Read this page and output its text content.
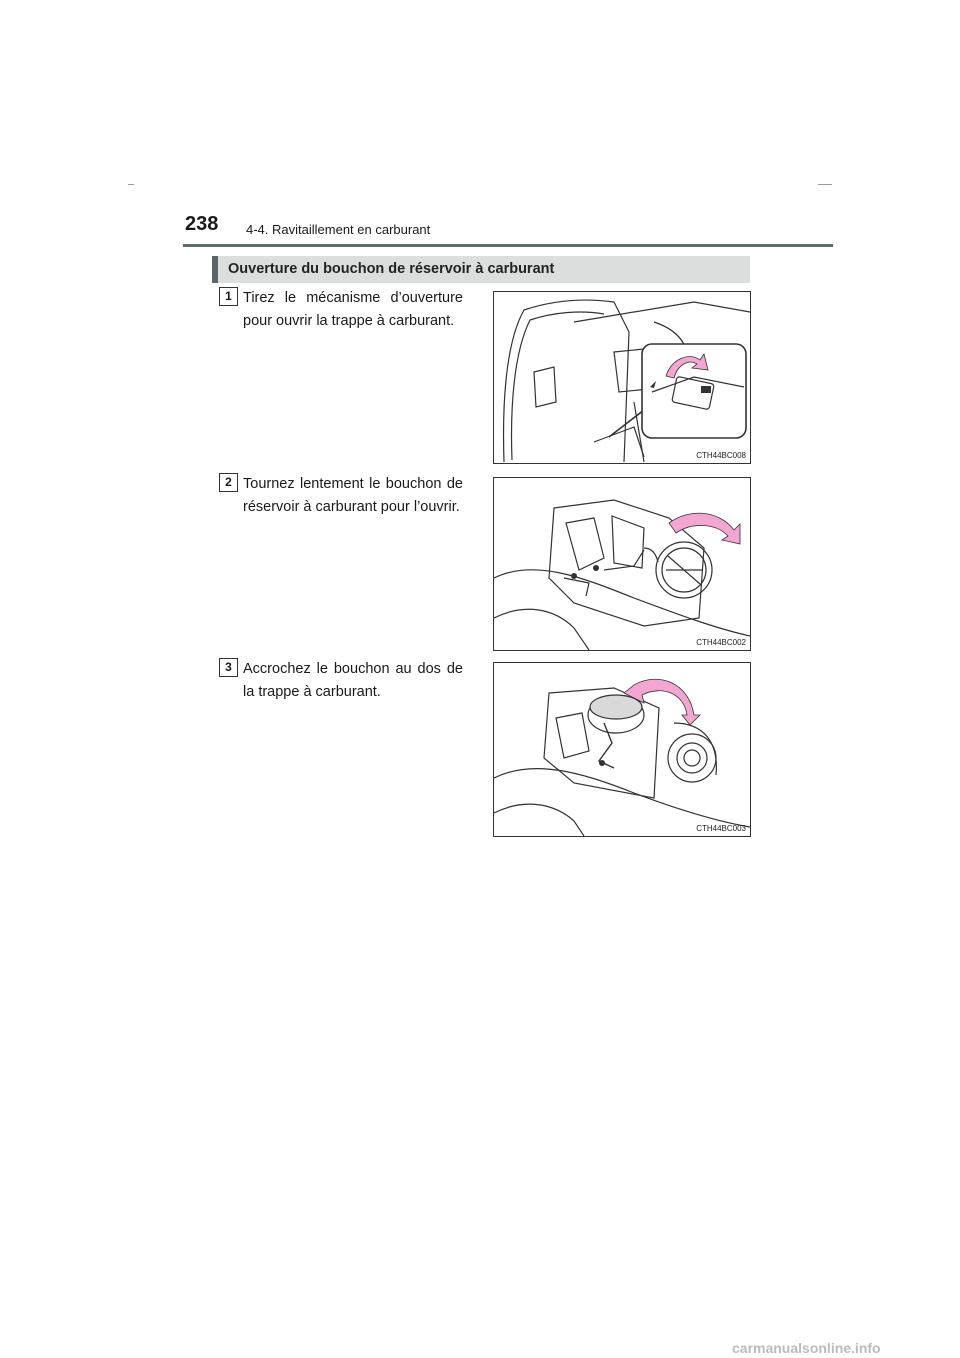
238 4-4. Ravitaillement en carburant
Ouverture du bouchon de réservoir à carburant
1 Tirez le mécanisme d’ouverture pour ouvrir la trappe à carburant.
CTH44BC008
2 Tournez lentement le bouchon de réservoir à carburant pour l’ouvrir.
CTH44BC002
3 Accrochez le bouchon au dos de la trappe à carburant.
CTH44BC003
carmanualsonline.info
